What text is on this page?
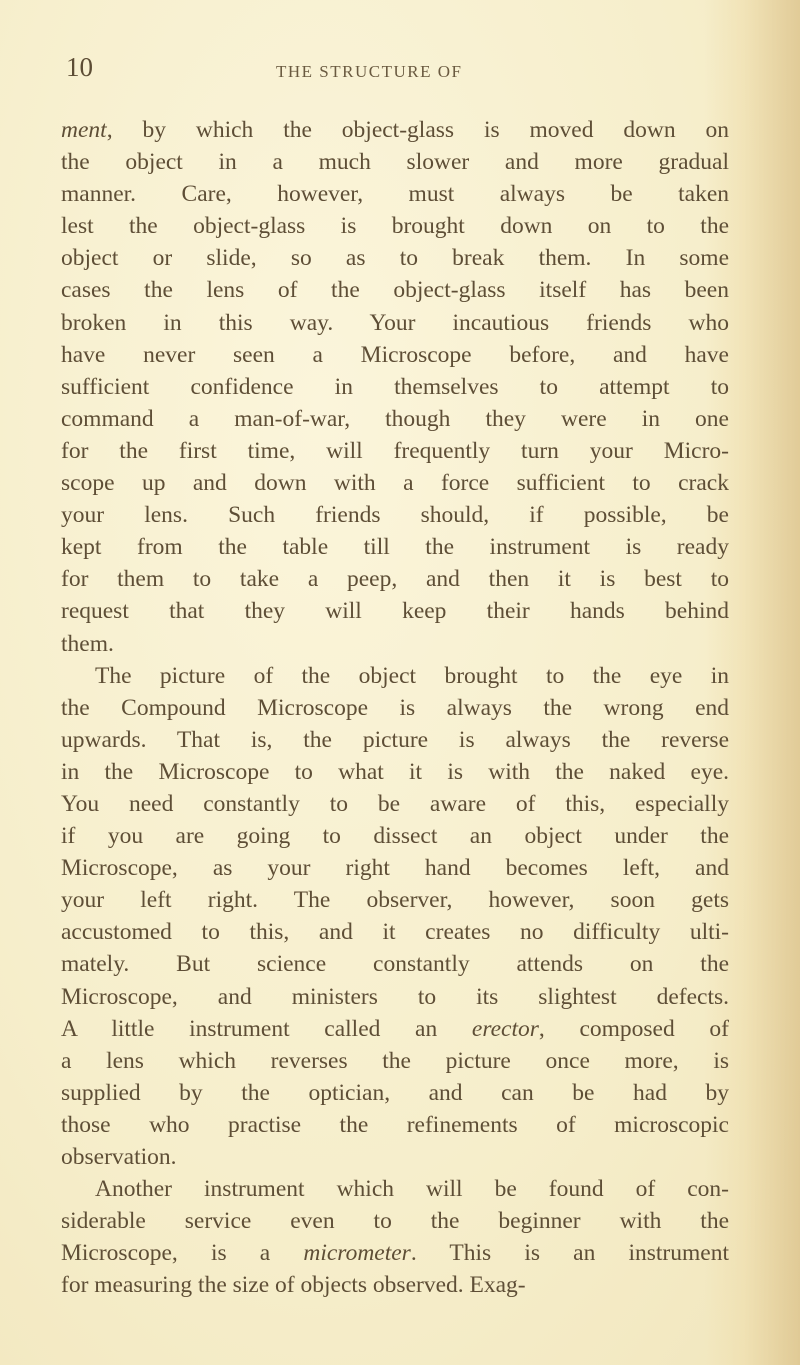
10	THE STRUCTURE OF
ment, by which the object-glass is moved down on
the object in a much slower and more gradual
manner. Care, however, must always be taken
lest the object-glass is brought down on to the
object or slide, so as to break them. In some
cases the lens of the object-glass itself has been
broken in this way. Your incautious friends who
have never seen a Microscope before, and have
sufficient confidence in themselves to attempt to
command a man-of-war, though they were in one
for the first time, will frequently turn your Micro-
scope up and down with a force sufficient to crack
your lens. Such friends should, if possible, be
kept from the table till the instrument is ready
for them to take a peep, and then it is best to
request that they will keep their hands behind
them.
The picture of the object brought to the eye in
the Compound Microscope is always the wrong end
upwards. That is, the picture is always the reverse
in the Microscope to what it is with the naked eye.
You need constantly to be aware of this, especially
if you are going to dissect an object under the
Microscope, as your right hand becomes left, and
your left right. The observer, however, soon gets
accustomed to this, and it creates no difficulty ulti-
mately. But science constantly attends on the
Microscope, and ministers to its slightest defects.
A little instrument called an erector, composed of
a lens which reverses the picture once more, is
supplied by the optician, and can be had by
those who practise the refinements of microscopic
observation.
Another instrument which will be found of con-
siderable service even to the beginner with the
Microscope, is a micrometer. This is an instrument
for measuring the size of objects observed. Exag-
